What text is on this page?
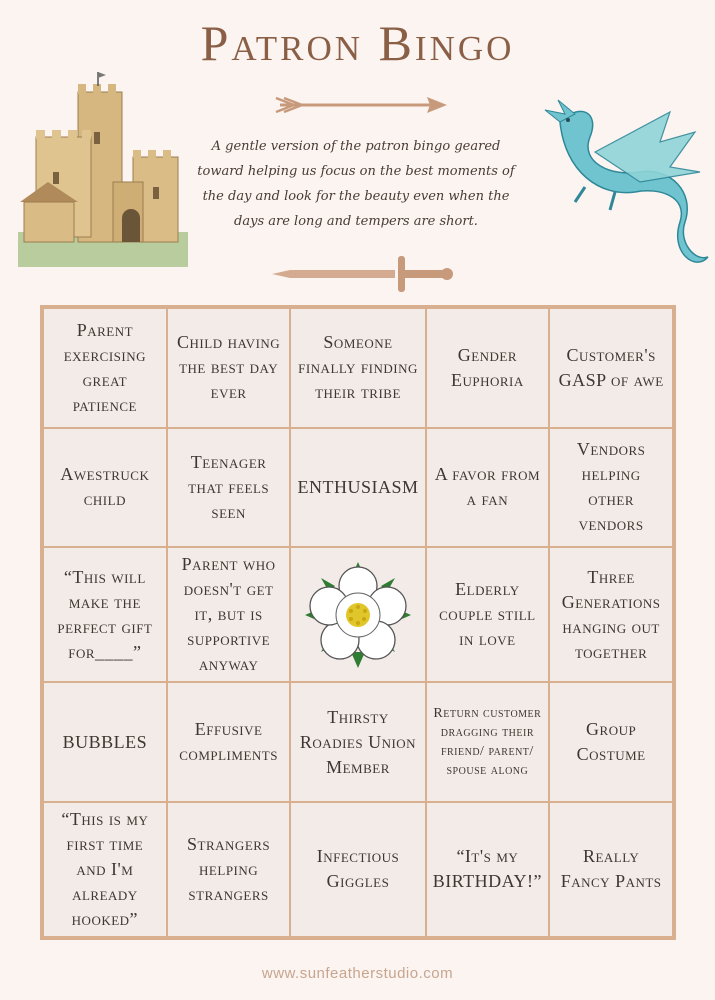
Patron Bingo
A gentle version of the patron bingo geared toward helping us focus on the best moments of the day and look for the beauty even when the days are long and tempers are short.
Parent exercising great patience
Child having the best day ever
Someone finally finding their tribe
Gender Euphoria
Customer's GASP of awe
Awestruck child
Teenager that feels seen
ENTHUSIASM
A favor from a fan
Vendors helping other vendors
“This will make the perfect gift for____”
Parent who doesn't get it, but is supportive anyway
Elderly couple still in love
Three Generations hanging out together
BUBBLES
Effusive compliments
Thirsty Roadies Union Member
Return customer dragging their friend/ parent/ spouse along
Group Costume
“This is my first time and I'm already hooked”
Strangers helping strangers
Infectious Giggles
“It's my BIRTHDAY!”
Really Fancy Pants
www.sunfeatherstudio.com
